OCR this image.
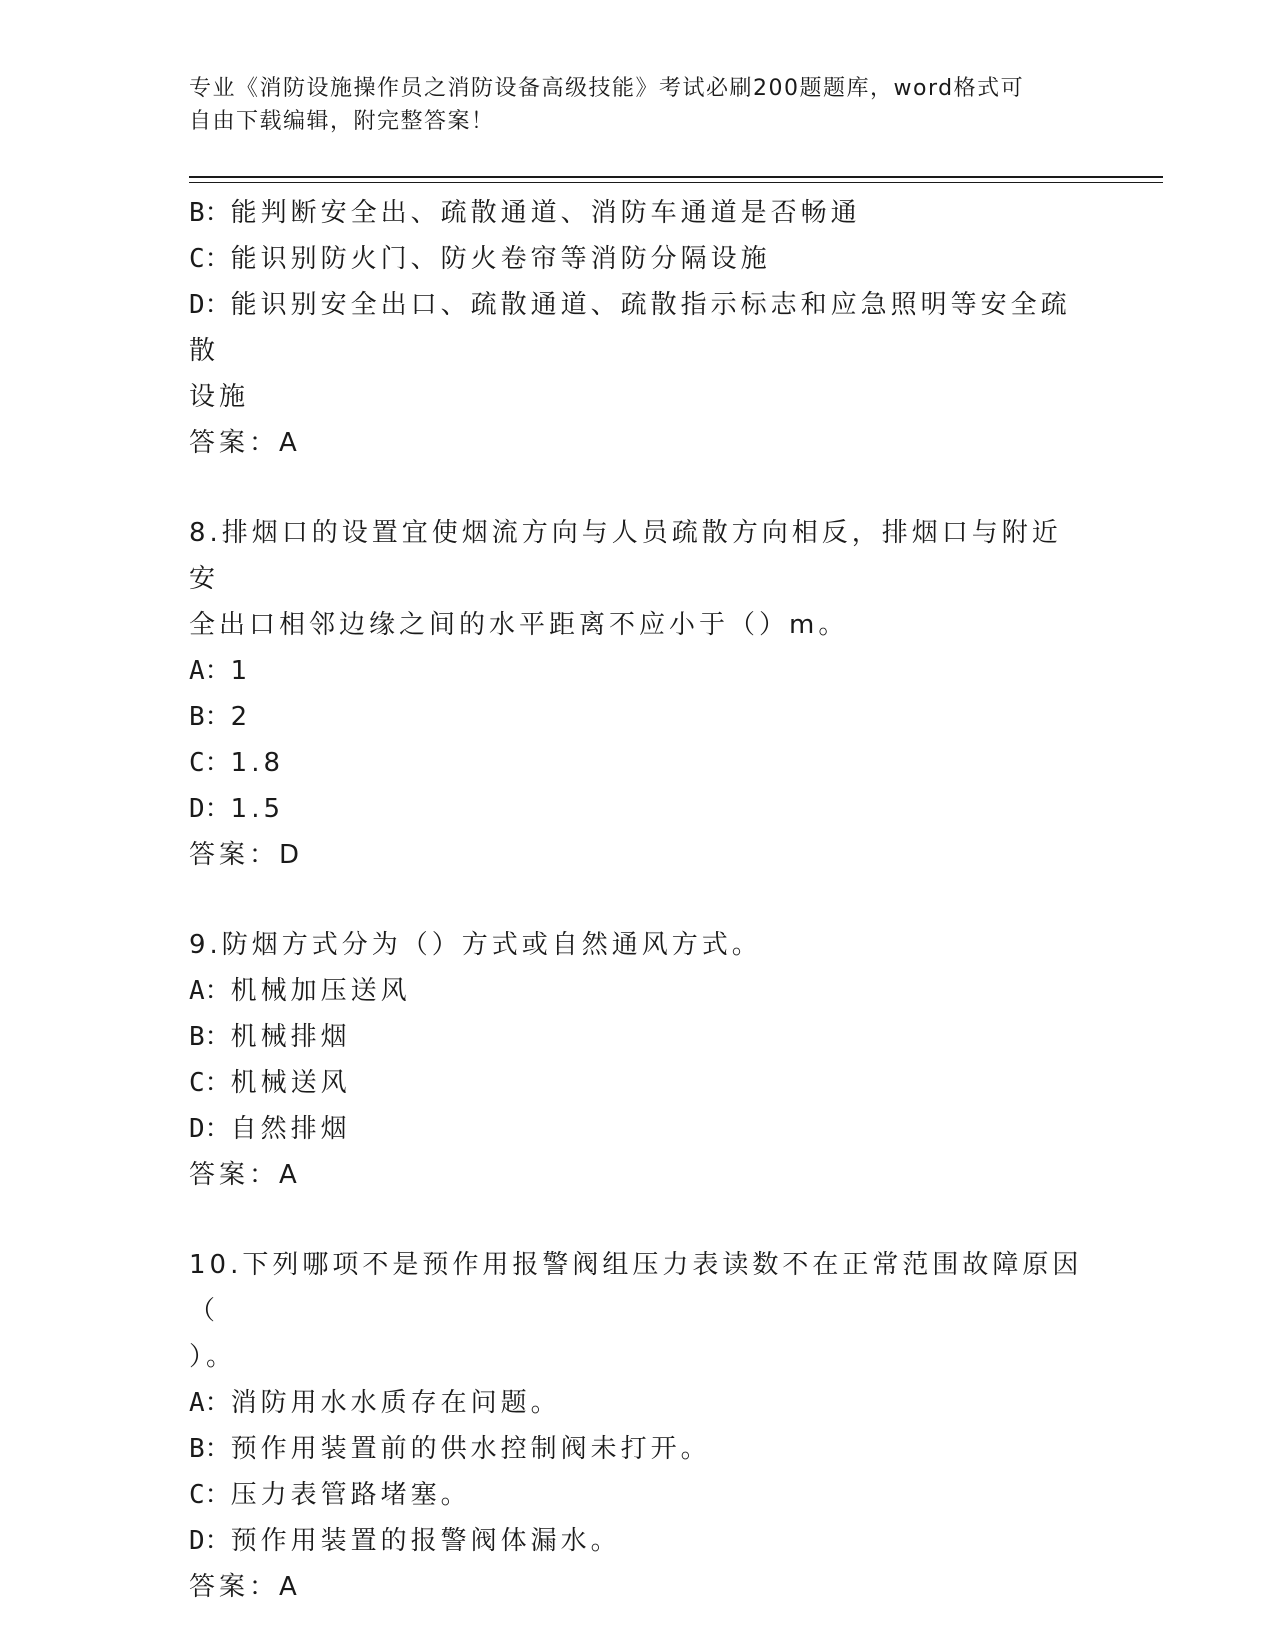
专业《消防设施操作员之消防设备高级技能》考试必刷200题题库，word格式可
自由下载编辑，附完整答案！
B：能判断安全出、疏散通道、消防车通道是否畅通
C：能识别防火门、防火卷帘等消防分隔设施
D：能识别安全出口、疏散通道、疏散指示标志和应急照明等安全疏散
设施
答案：A
8.排烟口的设置宜使烟流方向与人员疏散方向相反，排烟口与附近安
全出口相邻边缘之间的水平距离不应小于（）m。
A：1
B：2
C：1.8
D：1.5
答案：D
9.防烟方式分为（）方式或自然通风方式。
A：机械加压送风
B：机械排烟
C：机械送风
D：自然排烟
答案：A
10.下列哪项不是预作用报警阀组压力表读数不在正常范围故障原因（
）。
A：消防用水水质存在问题。
B：预作用装置前的供水控制阀未打开。
C：压力表管路堵塞。
D：预作用装置的报警阀体漏水。
答案：A
